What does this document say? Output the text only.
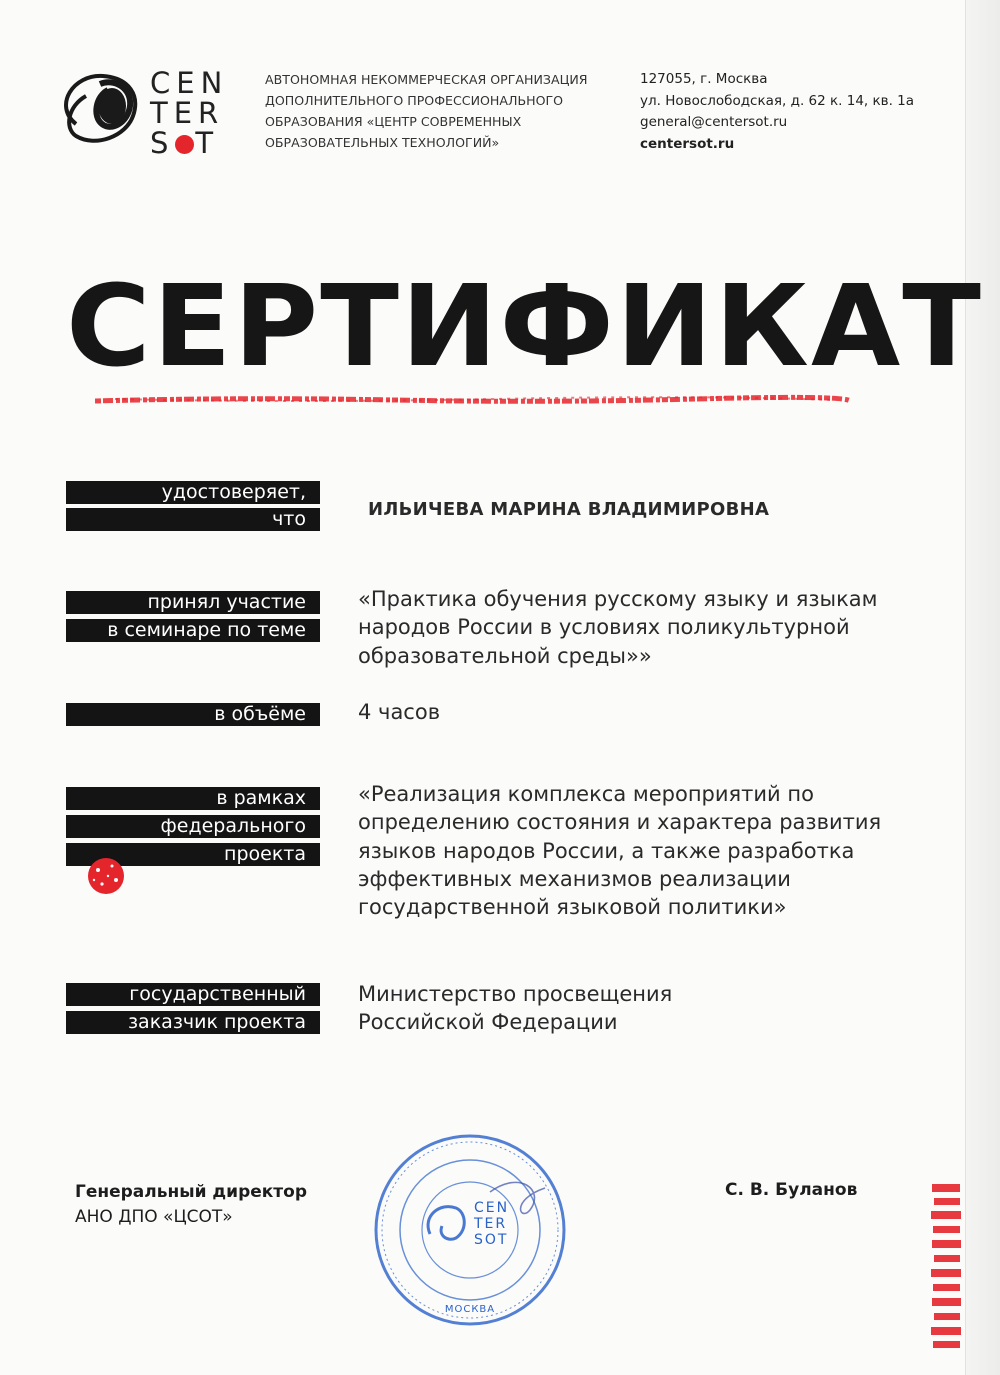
CEN
TER
S T
АВТОНОМНАЯ НЕКОММЕРЧЕСКАЯ ОРГАНИЗАЦИЯ
ДОПОЛНИТЕЛЬНОГО ПРОФЕССИОНАЛЬНОГО
ОБРАЗОВАНИЯ «ЦЕНТР СОВРЕМЕННЫХ
ОБРАЗОВАТЕЛЬНЫХ ТЕХНОЛОГИЙ»
127055, г. Москва
ул. Новослободская, д. 62 к. 14, кв. 1а
general@centersot.ru
centersot.ru
СЕРТИФИКАТ
удостоверяет,
что	ИЛЬИЧЕВА МАРИНА ВЛАДИМИРОВНА
принял участие
в семинаре по теме
«Практика обучения русскому языку и языкам
народов России в условиях поликультурной
образовательной среды»»
в объёме	4 часов
в рамках
федерального
проекта
«Реализация комплекса мероприятий по
определению состояния и характера развития
языков народов России, а также разработка
эффективных механизмов реализации
государственной языковой политики»
государственный
заказчик проекта
Министерство просвещения
Российской Федерации
Генеральный директор
АНО ДПО «ЦСОТ»
С. В. Буланов
CEN
TER
SOT
МОСКВА
